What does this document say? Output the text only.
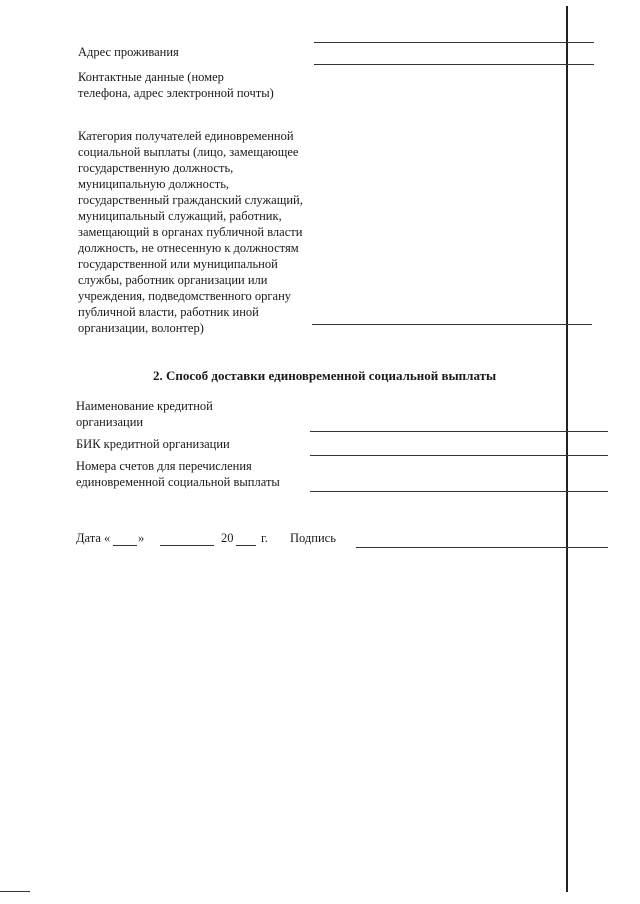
Адрес проживания
Контактные данные (номер
телефона, адрес электронной почты)
Категория получателей единовременной
социальной выплаты (лицо, замещающее
государственную должность,
муниципальную должность,
государственный гражданский служащий,
муниципальный служащий, работник,
замещающий в органах публичной власти
должность, не отнесенную к должностям
государственной или муниципальной
службы, работник организации или
учреждения, подведомственного органу
публичной власти, работник иной
организации, волонтер)
2. Способ доставки единовременной социальной выплаты
Наименование кредитной
организации
БИК кредитной организации
Номера счетов для перечисления
единовременной социальной выплаты
Дата « »	20 г. Подпись
